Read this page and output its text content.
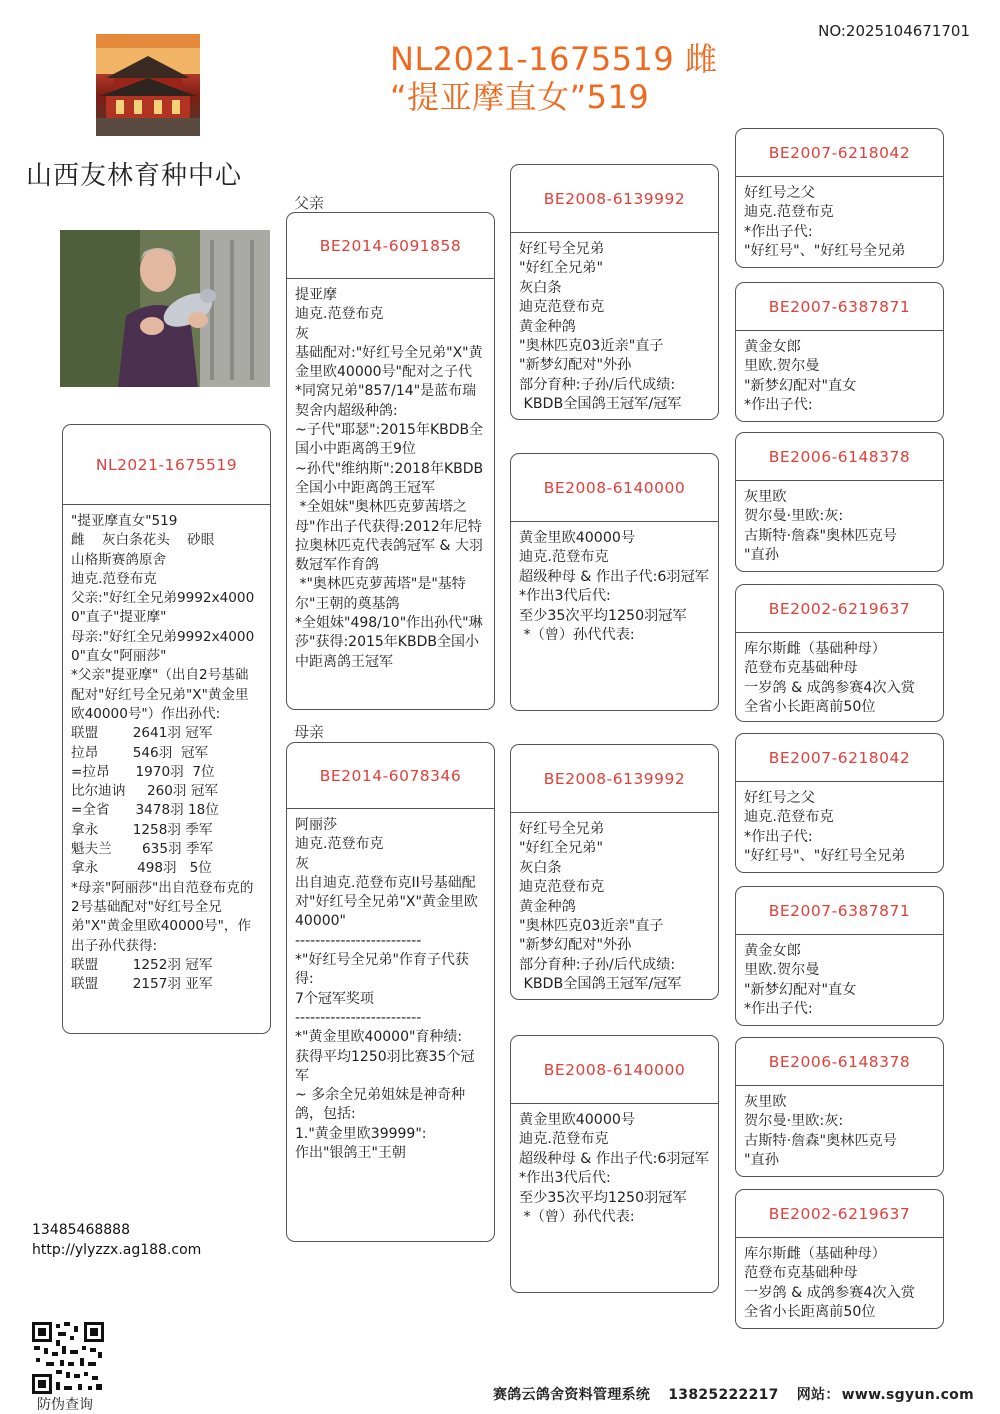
NO:2025104671701
NL2021-1675519 雌
“提亚摩直女”519
山西友林育种中心
父亲
母亲
NL2021-1675519
"提亚摩直女"519
雌    灰白条花头    砂眼
山格斯赛鸽原舍
迪克.范登布克
父亲:"好红全兄弟9992x40000"直子"提亚摩"
母亲:"好红全兄弟9992x40000"直女"阿丽莎"
*父亲"提亚摩"（出自2号基础配对"好红号全兄弟"X"黄金里欧40000号"）作出孙代:
联盟        2641羽 冠军
拉昂        546羽  冠军
=拉昂      1970羽  7位
比尔迪讷     260羽 冠军
=全省      3478羽 18位
拿永        1258羽 季军
魁夫兰       635羽 季军
拿永         498羽   5位
*母亲"阿丽莎"出自范登布克的2号基础配对"好红号全兄弟"X"黄金里欧40000号"，作出子孙代获得:
联盟        1252羽 冠军
联盟        2157羽 亚军
BE2014-6091858
提亚摩
迪克.范登布克
灰
基础配对:"好红号全兄弟"X"黄金里欧40000号"配对之子代
*同窝兄弟"857/14"是蓝布瑞契舍内超级种鸽:
~子代"耶瑟":2015年KBDB全国小中距离鸽王9位
~孙代"维纳斯":2018年KBDB全国小中距离鸽王冠军
*全姐妹"奥林匹克萝茜塔之母"作出子代获得:2012年尼特拉奥林匹克代表鸽冠军 & 大羽数冠军作育鸽
*"奥林匹克萝茜塔"是"基特尔"王朝的奠基鸽
*全姐妹"498/10"作出孙代"琳莎"获得:2015年KBDB全国小中距离鸽王冠军
BE2014-6078346
阿丽莎
迪克.范登布克
灰
出自迪克.范登布克II号基础配对"好红号全兄弟"X"黄金里欧40000"
-------------------------
*"好红号全兄弟"作育子代获得:
7个冠军奖项
-------------------------
*"黄金里欧40000"育种绩:
获得平均1250羽比赛35个冠军
~ 多余全兄弟姐妹是神奇种鸽，包括:
1."黄金里欧39999":
作出"银鸽王"王朝
BE2008-6139992
好红号全兄弟
"好红全兄弟"
灰白条
迪克范登布克
黄金种鸽
"奥林匹克03近亲"直子
"新梦幻配对"外孙
部分育种:子孙/后代成绩:
KBDB全国鸽王冠军/冠军
BE2008-6140000
黄金里欧40000号
迪克.范登布克
超级种母 & 作出子代:6羽冠军
*作出3代后代:
至少35次平均1250羽冠军
*（曾）孙代代表:
BE2008-6139992
好红号全兄弟
"好红全兄弟"
灰白条
迪克范登布克
黄金种鸽
"奥林匹克03近亲"直子
"新梦幻配对"外孙
部分育种:子孙/后代成绩:
KBDB全国鸽王冠军/冠军
BE2008-6140000
黄金里欧40000号
迪克.范登布克
超级种母 & 作出子代:6羽冠军
*作出3代后代:
至少35次平均1250羽冠军
*（曾）孙代代表:
BE2007-6218042
好红号之父
迪克.范登布克
*作出子代:
"好红号"、"好红号全兄弟
BE2007-6387871
黄金女郎
里欧.贺尔曼
"新梦幻配对"直女
*作出子代:
BE2006-6148378
灰里欧
贺尔曼·里欧:灰:
古斯特·詹森"奥林匹克号
"直孙
BE2002-6219637
库尔斯雌（基础种母）
范登布克基础种母
一岁鸽 & 成鸽参赛4次入赏
全省小长距离前50位
BE2007-6218042
好红号之父
迪克.范登布克
*作出子代:
"好红号"、"好红号全兄弟
BE2007-6387871
黄金女郎
里欧.贺尔曼
"新梦幻配对"直女
*作出子代:
BE2006-6148378
灰里欧
贺尔曼·里欧:灰:
古斯特·詹森"奥林匹克号
"直孙
BE2002-6219637
库尔斯雌（基础种母）
范登布克基础种母
一岁鸽 & 成鸽参赛4次入赏
全省小长距离前50位
13485468888
http://ylyzzx.ag188.com
防伪查询
赛鸽云鸽舍资料管理系统 13825222217 网站： www.sgyun.com
